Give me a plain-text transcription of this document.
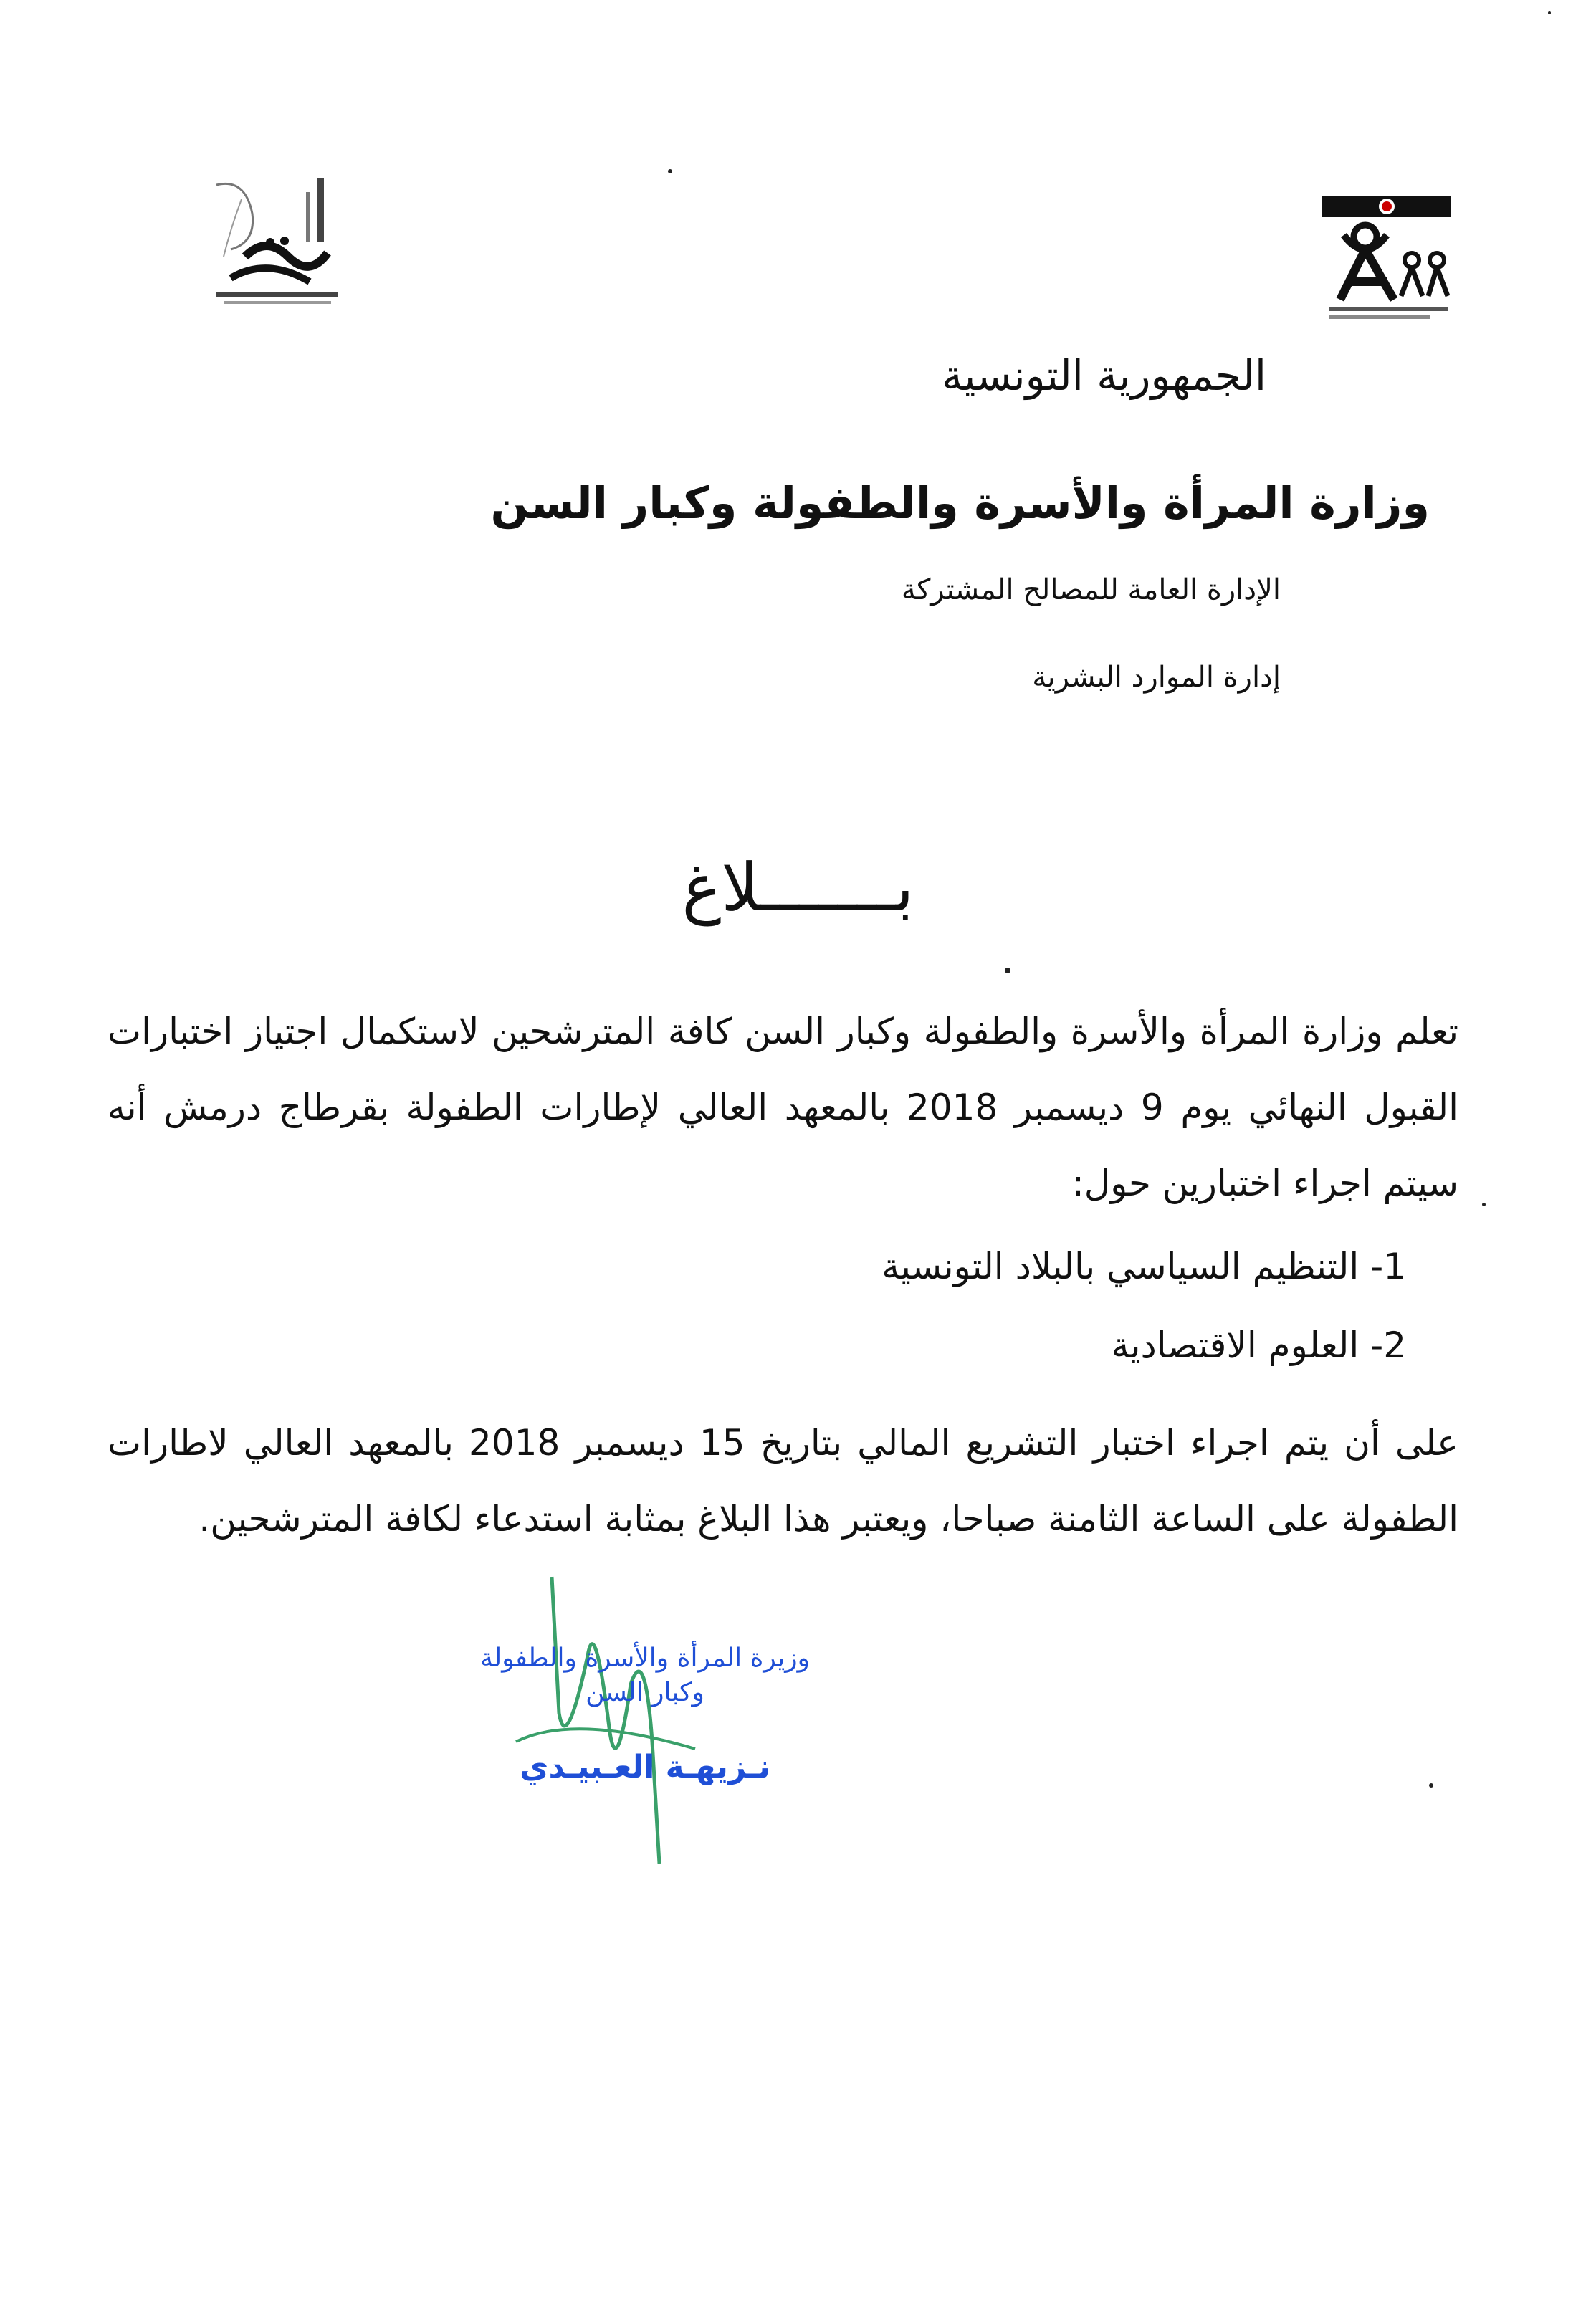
الجمهورية التونسية
وزارة المرأة والأسرة والطفولة وكبار السن
الإدارة العامة للمصالح المشتركة
إدارة الموارد البشرية
بـــــــلاغ
تعلم وزارة المرأة والأسرة والطفولة وكبار السن كافة المترشحين لاستكمال اجتياز اختبارات القبول النهائي يوم 9 ديسمبر 2018 بالمعهد العالي لإطارات الطفولة بقرطاج درمش أنه سيتم اجراء اختبارين حول:
1- التنظيم السياسي بالبلاد التونسية
2- العلوم الاقتصادية
على أن يتم اجراء اختبار التشريع المالي بتاريخ 15 ديسمبر 2018 بالمعهد العالي لاطارات الطفولة على الساعة الثامنة صباحا، ويعتبر هذا البلاغ بمثابة استدعاء لكافة المترشحين.
وزيرة المرأة والأسرة والطفولة
وكبار السن
نـزيهـة العـبيـدي
